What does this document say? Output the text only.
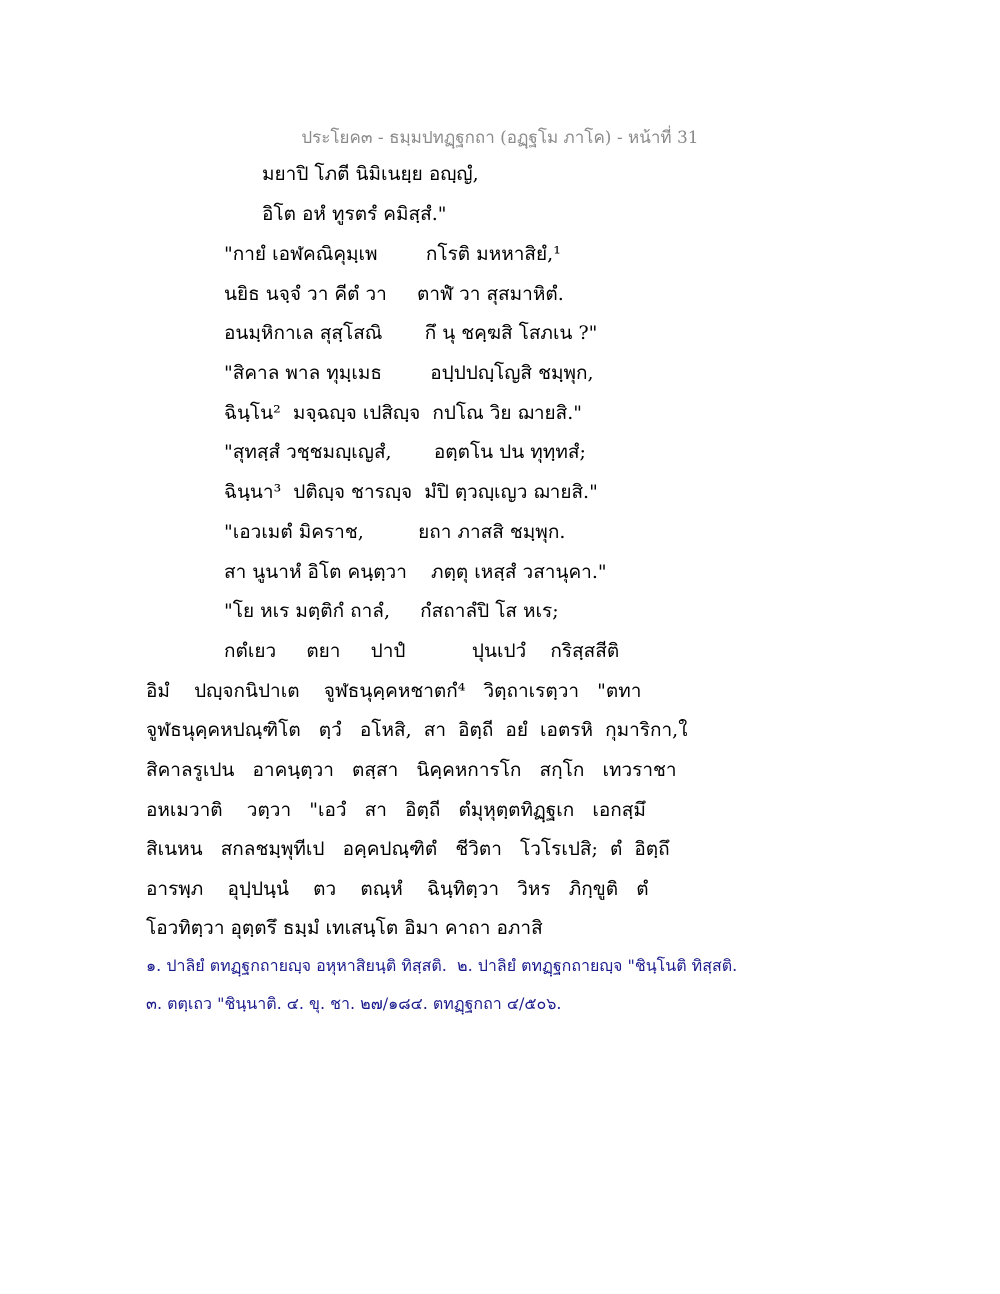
ประโยค๓ - ธมฺมปทฏฺฐกถา (อฏฺฐโม ภาโค) - หน้าที่ 31
มยาปิ โภตี นิมิเนยฺย อญฺญํ,
อิโต อหํ ทูรตรํ คมิสฺสํ."
"กายํ เอฬคณิคุมฺเพ        กโรติ มหหาสิยํ,¹
นยิธ นจฺจํ วา คีตํ วา     ตาฬํ วา สุสมาหิตํ.
อนมฺหิกาเล สุสฺโสณิ       กึ นุ ชคฺฆสิ โสภเน ?"
"สิคาล พาล ทุมฺเมธ        อปฺปปญฺโญสิ ชมฺพุก,
ฉินฺโน²  มจฺฉญฺจ เปสิญฺจ  กปโณ วิย ฌายสิ."
"สุทสฺสํ วชฺชมญฺเญสํ,       อตฺตโน ปน ทุทฺทสํ;
ฉินฺนา³  ปติญฺจ ชารญฺจ  มํปิ ตฺวญฺเญว ฌายสิ."
"เอวเมตํ มิคราช,         ยถา ภาสสิ ชมฺพุก.
สา นูนาหํ อิโต คนฺตฺวา    ภตฺตุ เหสฺสํ วสานุคา."
"โย หเร มตฺติกํ ถาลํ,     กํสถาลํปิ โส หเร;
กตํเยว     ตยา     ปาปํ           ปุนเปวํ    กริสฺสสีติ
อิมํ    ปญฺจกนิปาเต    จูฬธนุคฺคหชาตกํ⁴   วิตฺถาเรตฺวา   "ตทา
จูฬธนุคฺคหปณฺฑิโต   ตฺวํ   อโหสิ,  สา  อิตฺถี  อยํ  เอตรหิ  กุมาริกา,ใ
สิคาลรูเปน   อาคนฺตฺวา   ตสฺสา   นิคฺคหการโก   สกฺโก   เทวราชา
อหเมวาติ    วตฺวา   "เอวํ   สา   อิตฺถี   ตํมุหุตฺตทิฏฺฐเก   เอกสฺมึ
สิเนหน   สกลชมฺพุทีเป   อคฺคปณฺฑิตํ   ชีวิตา   โวโรเปสิ;  ตํ  อิตฺถึ
อารพฺภ    อุปฺปนฺนํ    ตว    ตณฺหํ    ฉินฺทิตฺวา   วิหร   ภิกฺขูติ   ตํ
โอวทิตฺวา อุตฺตรึ ธมฺมํ เทเสนฺโต อิมา คาถา อภาสิ
๑. ปาลิยํ ตทฏฺฐกถายญฺจ อหุหาสิยนฺติ ทิสฺสติ.  ๒. ปาลิยํ ตทฏฺฐกถายญฺจ "ชินฺโนติ ทิสฺสติ.
๓. ตตฺเถว "ชินฺนาติ. ๔. ขุ. ชา. ๒๗/๑๘๔. ตทฏฺฐกถา ๔/๕๐๖.
